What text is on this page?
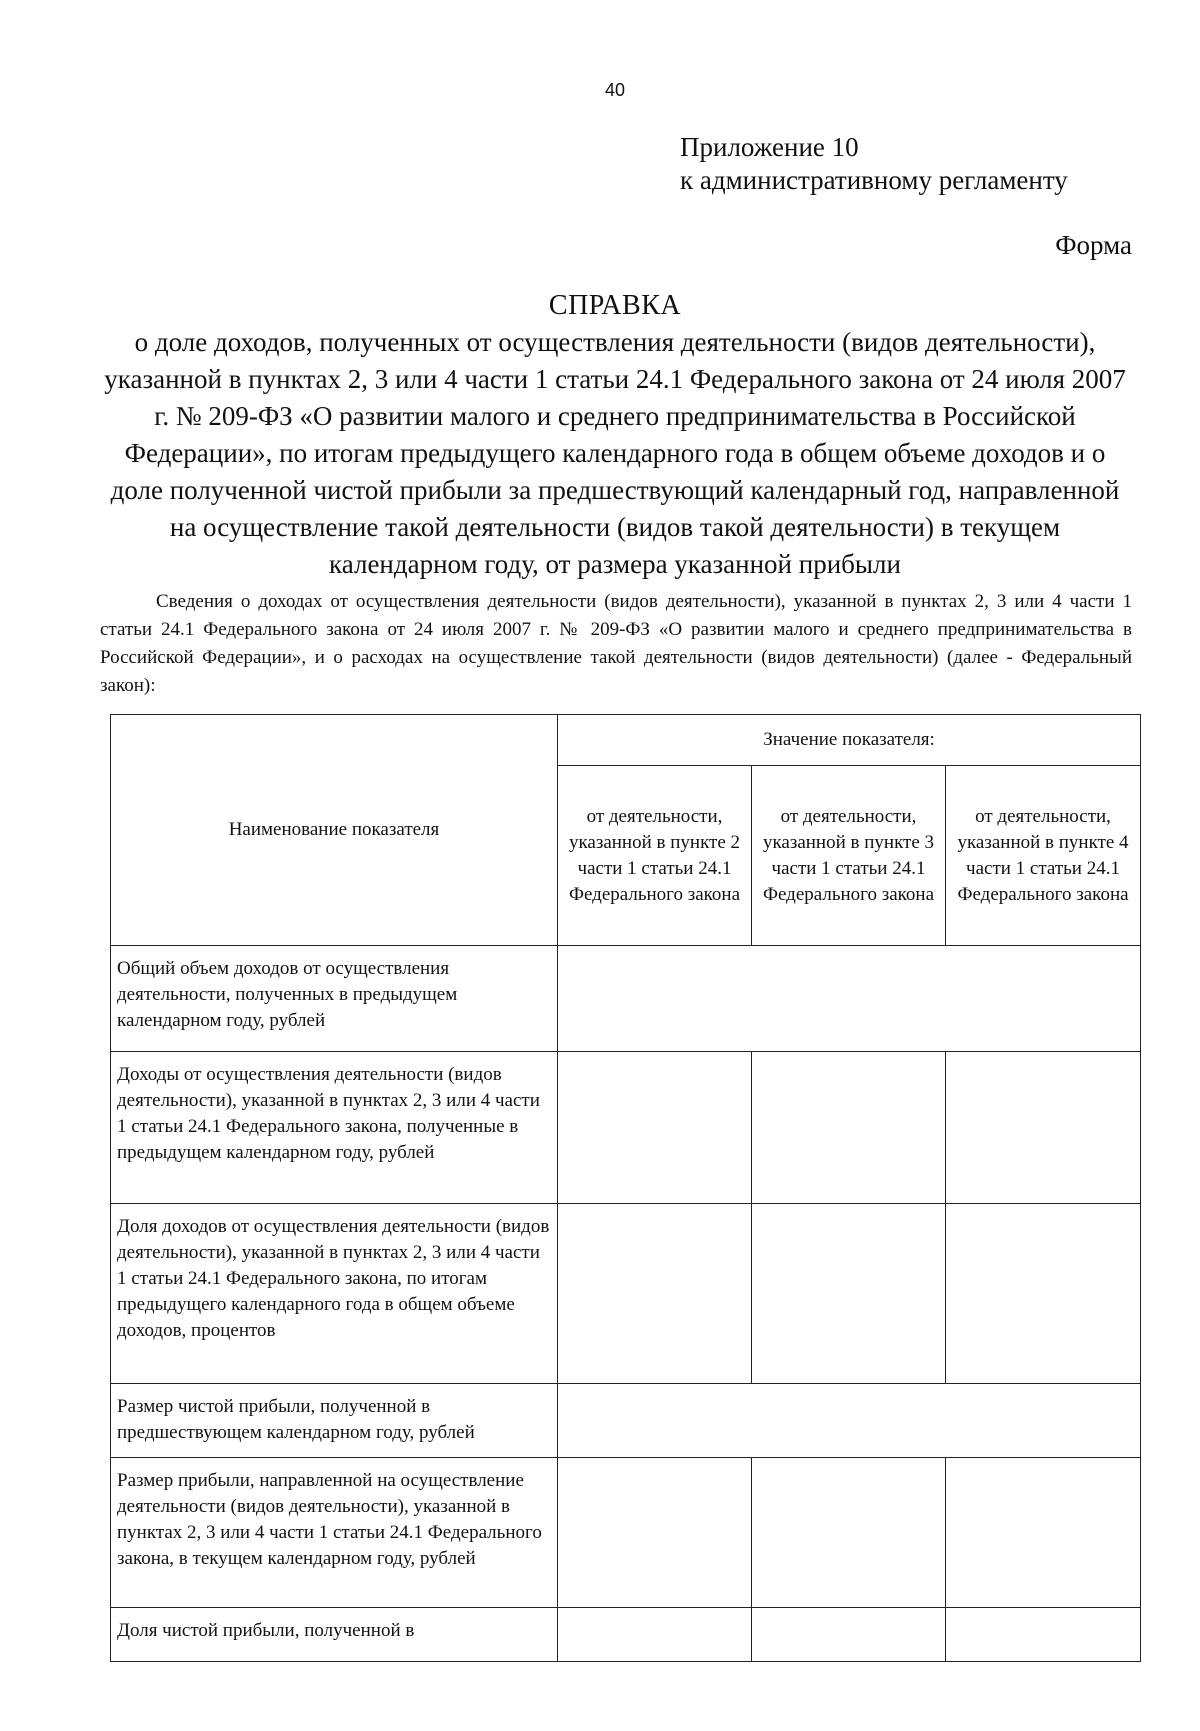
40
Приложение 10
к административному регламенту
Форма
СПРАВКА
о доле доходов, полученных от осуществления деятельности (видов деятельности), указанной в пунктах 2, 3 или 4 части 1 статьи 24.1 Федерального закона от 24 июля 2007 г. № 209-ФЗ «О развитии малого и среднего предпринимательства в Российской Федерации», по итогам предыдущего календарного года в общем объеме доходов и о доле полученной чистой прибыли за предшествующий календарный год, направленной на осуществление такой деятельности (видов такой деятельности) в текущем календарном году, от размера указанной прибыли
Сведения о доходах от осуществления деятельности (видов деятельности), указанной в пунктах 2, 3 или 4 части 1 статьи 24.1 Федерального закона от 24 июля 2007 г. № 209-ФЗ «О развитии малого и среднего предпринимательства в Российской Федерации», и о расходах на осуществление такой деятельности (видов деятельности) (далее - Федеральный закон):
Наименование показателя	Значение показателя:		
	от деятельности, указанной в пункте 2 части 1 статьи 24.1 Федерального закона	от деятельности, указанной в пункте 3 части 1 статьи 24.1 Федерального закона	от деятельности, указанной в пункте 4 части 1 статьи 24.1 Федерального закона
Общий объем доходов от осуществления деятельности, полученных в предыдущем календарном году, рублей			
Доходы от осуществления деятельности (видов деятельности), указанной в пунктах 2, 3 или 4 части 1 статьи 24.1 Федерального закона, полученные в предыдущем календарном году, рублей			
Доля доходов от осуществления деятельности (видов деятельности), указанной в пунктах 2, 3 или 4 части 1 статьи 24.1 Федерального закона, по итогам предыдущего календарного года в общем объеме доходов, процентов			
Размер чистой прибыли, полученной в предшествующем календарном году, рублей			
Размер прибыли, направленной на осуществление деятельности (видов деятельности), указанной в пунктах 2, 3 или 4 части 1 статьи 24.1 Федерального закона, в текущем календарном году, рублей			
Доля чистой прибыли, полученной в			
